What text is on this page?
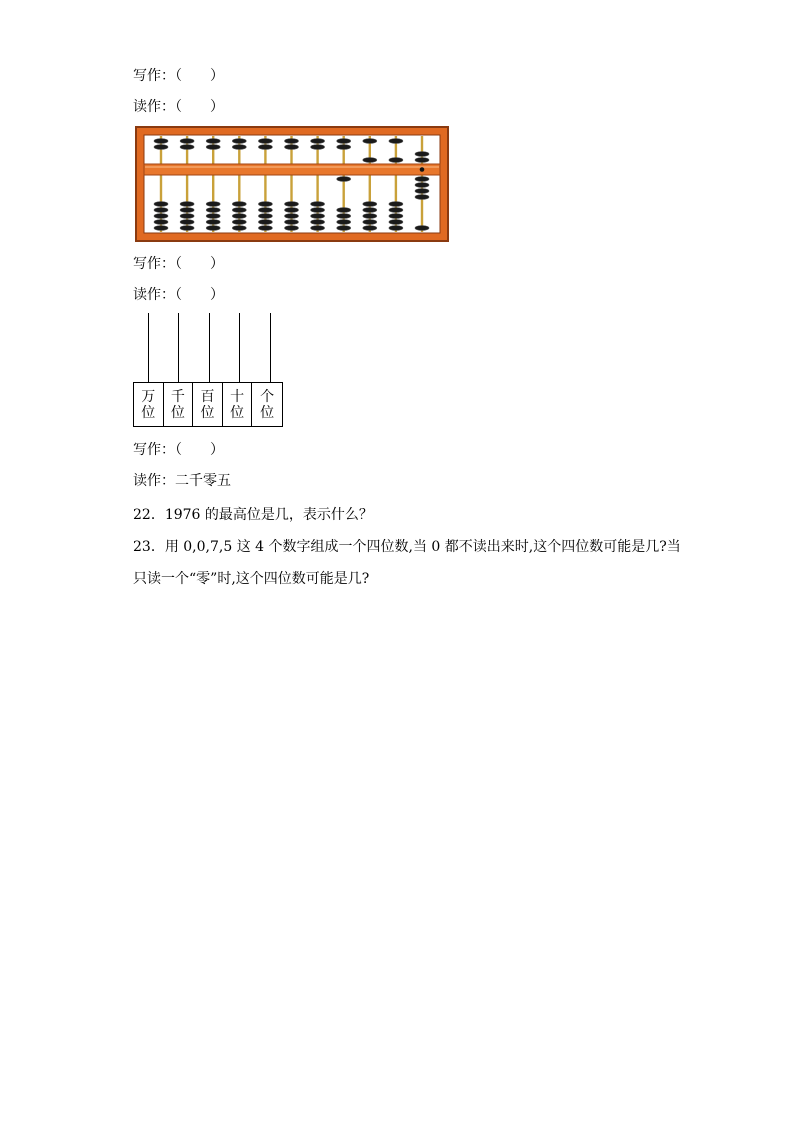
写作：（　　）
读作：（　　）
写作：（　　）
读作：（　　）
万
位
千
位
百
位
十
位
个
位
写作：（　　）
读作：二千零五
22．1976 的最高位是几，表示什么？
23．用 0,0,7,5 这 4 个数字组成一个四位数,当 0 都不读出来时,这个四位数可能是几?当
只读一个“零”时,这个四位数可能是几?
